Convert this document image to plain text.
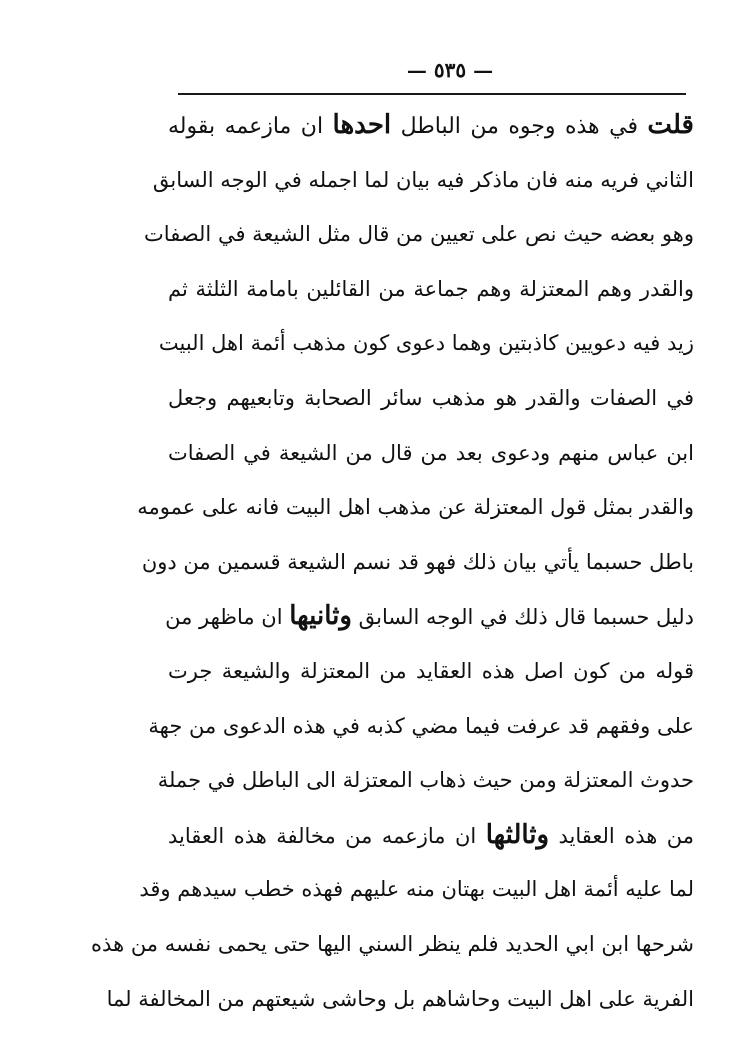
— ٥٣٥ —
قلت في هذه وجوه من الباطل احدها ان مازعمه بقوله
الثاني فريه منه فان ماذكر فيه بيان لما اجمله في الوجه السابق
وهو بعضه حيث نص على تعيين من قال مثل الشيعة في الصفات
والقدر وهم المعتزلة وهم جماعة من القائلين بامامة الثلثة ثم
زيد فيه دعويين كاذبتين وهما دعوى كون مذهب أئمة اهل البيت
في الصفات والقدر هو مذهب سائر الصحابة وتابعيهم وجعل
ابن عباس منهم ودعوى بعد من قال من الشيعة في الصفات
والقدر بمثل قول المعتزلة عن مذهب اهل البيت فانه على عمومه
باطل حسبما يأتي بيان ذلك فهو قد نسم الشيعة قسمين من دون
دليل حسبما قال ذلك في الوجه السابق وثانيها ان ماظهر من
قوله من كون اصل هذه العقايد من المعتزلة والشيعة جرت
على وفقهم قد عرفت فيما مضي كذبه في هذه الدعوى من جهة
حدوث المعتزلة ومن حيث ذهاب المعتزلة الى الباطل في جملة
من هذه العقايد وثالثها ان مازعمه من مخالفة هذه العقايد
لما عليه أئمة اهل البيت بهتان منه عليهم فهذه خطب سيدهم وقد
شرحها ابن ابي الحديد فلم ينظر السني اليها حتى يحمى نفسه من هذه
الفرية على اهل البيت وحاشاهم بل وحاشى شيعتهم من المخالفة لما
